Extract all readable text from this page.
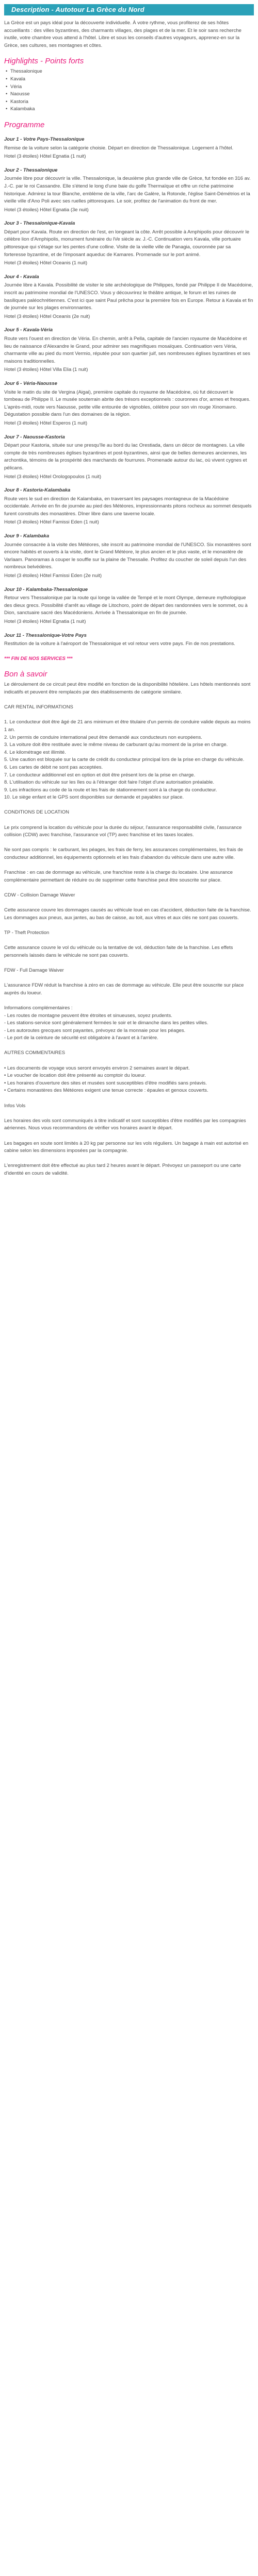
Description - Autotour La Grèce du Nord

La Grèce est un pays idéal pour la découverte individuelle. À votre rythme, vous profiterez de ses hôtes accueillants : des villes byzantines, des charmants villages, des plages et de la mer. Et le soir sans recherche inutile, votre chambre vous attend à l'hôtel. Libre et sous les conseils d'autres voyageurs, apprenez-en sur la Grèce, ses cultures, ses montagnes et côtes.

Highlights - Points forts
• Thessalonique
• Kavala
• Véria
• Naousse
• Kastoria
• Kalambaka
Programme
Jour 1 - Votre Pays-Thessalonique

Remise de la voiture selon la catégorie choisie. Départ en direction de Thessalonique. Logement à l'hôtel.

Hotel (3 étoiles) Hôtel Egnatia (1 nuit)

Jour 2 - Thessalonique

Journée libre pour découvrir la ville. Thessalonique, la deuxième plus grande ville de Grèce, fut fondée en 316 av. J.-C. par le roi Cassandre. Elle s'étend le long d'une baie du golfe Thermaïque et offre un riche patrimoine historique. Admirez la tour Blanche, emblème de la ville, l'arc de Galère, la Rotonde, l'église Saint-Démétrios et la vieille ville d'Ano Poli avec ses ruelles pittoresques. Le soir, profitez de l'animation du front de mer.

Hotel (3 étoiles) Hôtel Egnatia (3e nuit)

Jour 3 - Thessalonique-Kavala

Départ pour Kavala. Route en direction de l'est, en longeant la côte. Arrêt possible à Amphipolis pour découvrir le célèbre lion d'Amphipolis, monument funéraire du IVe siècle av. J.-C. Continuation vers Kavala, ville portuaire pittoresque qui s'étage sur les pentes d'une colline. Visite de la vieille ville de Panagia, couronnée par sa forteresse byzantine, et de l'imposant aqueduc de Kamares. Promenade sur le port animé.

Hotel (3 étoiles) Hôtel Oceanis (1 nuit)

Jour 4 - Kavala

Journée libre à Kavala. Possibilité de visiter le site archéologique de Philippes, fondé par Philippe II de Macédoine, inscrit au patrimoine mondial de l'UNESCO. Vous y découvrirez le théâtre antique, le forum et les ruines de basiliques paléochrétiennes. C'est ici que saint Paul prêcha pour la première fois en Europe. Retour à Kavala et fin de journée sur les plages environnantes.

Hotel (3 étoiles) Hôtel Oceanis (2e nuit)

Jour 5 - Kavala-Véria

Route vers l'ouest en direction de Véria. En chemin, arrêt à Pella, capitale de l'ancien royaume de Macédoine et lieu de naissance d'Alexandre le Grand, pour admirer ses magnifiques mosaïques. Continuation vers Véria, charmante ville au pied du mont Vermio, réputée pour son quartier juif, ses nombreuses églises byzantines et ses maisons traditionnelles.

Hotel (3 étoiles) Hôtel Villa Elia (1 nuit)

Jour 6 - Véria-Naousse

Visite le matin du site de Vergina (Aigai), première capitale du royaume de Macédoine, où fut découvert le tombeau de Philippe II. Le musée souterrain abrite des trésors exceptionnels : couronnes d'or, armes et fresques. L'après-midi, route vers Naousse, petite ville entourée de vignobles, célèbre pour son vin rouge Xinomavro. Dégustation possible dans l'un des domaines de la région.

Hotel (3 étoiles) Hôtel Esperos (1 nuit)

Jour 7 - Naousse-Kastoria

Départ pour Kastoria, située sur une presqu'île au bord du lac Orestiada, dans un décor de montagnes. La ville compte de très nombreuses églises byzantines et post-byzantines, ainsi que de belles demeures anciennes, les archontika, témoins de la prospérité des marchands de fourrures. Promenade autour du lac, où vivent cygnes et pélicans.

Hotel (3 étoiles) Hôtel Orologopoulos (1 nuit)

Jour 8 - Kastoria-Kalambaka

Route vers le sud en direction de Kalambaka, en traversant les paysages montagneux de la Macédoine occidentale. Arrivée en fin de journée au pied des Météores, impressionnants pitons rocheux au sommet desquels furent construits des monastères. Dîner libre dans une taverne locale.

Hotel (3 étoiles) Hôtel Famissi Eden (1 nuit)

Jour 9 - Kalambaka

Journée consacrée à la visite des Météores, site inscrit au patrimoine mondial de l'UNESCO. Six monastères sont encore habités et ouverts à la visite, dont le Grand Météore, le plus ancien et le plus vaste, et le monastère de Varlaam. Panoramas à couper le souffle sur la plaine de Thessalie. Profitez du coucher de soleil depuis l'un des nombreux belvédères.

Hotel (3 étoiles) Hôtel Famissi Eden (2e nuit)

Jour 10 - Kalambaka-Thessalonique

Retour vers Thessalonique par la route qui longe la vallée de Tempé et le mont Olympe, demeure mythologique des dieux grecs. Possibilité d'arrêt au village de Litochoro, point de départ des randonnées vers le sommet, ou à Dion, sanctuaire sacré des Macédoniens. Arrivée à Thessalonique en fin de journée.

Hotel (3 étoiles) Hôtel Egnatia (1 nuit)

Jour 11 - Thessalonique-Votre Pays

Restitution de la voiture à l'aéroport de Thessalonique et vol retour vers votre pays. Fin de nos prestations.

*** FIN DE NOS SERVICES ***

Bon à savoir

Le déroulement de ce circuit peut être modifié en fonction de la disponibilité hôtelière. Les hôtels mentionnés sont indicatifs et peuvent être remplacés par des établissements de catégorie similaire.

CAR RENTAL INFORMATIONS

1. Le conducteur doit être âgé de 21 ans minimum et être titulaire d'un permis de conduire valide depuis au moins 1 an.

2. Un permis de conduire international peut être demandé aux conducteurs non européens.

3. La voiture doit être restituée avec le même niveau de carburant qu'au moment de la prise en charge.

4. Le kilométrage est illimité.

5. Une caution est bloquée sur la carte de crédit du conducteur principal lors de la prise en charge du véhicule.

6. Les cartes de débit ne sont pas acceptées.

7. Le conducteur additionnel est en option et doit être présent lors de la prise en charge.

8. L'utilisation du véhicule sur les îles ou à l'étranger doit faire l'objet d'une autorisation préalable.

9. Les infractions au code de la route et les frais de stationnement sont à la charge du conducteur.

10. Le siège enfant et le GPS sont disponibles sur demande et payables sur place.

CONDITIONS DE LOCATION

Le prix comprend la location du véhicule pour la durée du séjour, l'assurance responsabilité civile, l'assurance collision (CDW) avec franchise, l'assurance vol (TP) avec franchise et les taxes locales.

Ne sont pas compris : le carburant, les péages, les frais de ferry, les assurances complémentaires, les frais de conducteur additionnel, les équipements optionnels et les frais d'abandon du véhicule dans une autre ville.

Franchise : en cas de dommage au véhicule, une franchise reste à la charge du locataire. Une assurance complémentaire permettant de réduire ou de supprimer cette franchise peut être souscrite sur place.

CDW - Collision Damage Waiver

Cette assurance couvre les dommages causés au véhicule loué en cas d'accident, déduction faite de la franchise. Les dommages aux pneus, aux jantes, au bas de caisse, au toit, aux vitres et aux clés ne sont pas couverts.

TP - Theft Protection

Cette assurance couvre le vol du véhicule ou la tentative de vol, déduction faite de la franchise. Les effets personnels laissés dans le véhicule ne sont pas couverts.

FDW - Full Damage Waiver

L'assurance FDW réduit la franchise à zéro en cas de dommage au véhicule. Elle peut être souscrite sur place auprès du loueur.

Informations complémentaires :

- Les routes de montagne peuvent être étroites et sinueuses, soyez prudents.

- Les stations-service sont généralement fermées le soir et le dimanche dans les petites villes.

- Les autoroutes grecques sont payantes, prévoyez de la monnaie pour les péages.

- Le port de la ceinture de sécurité est obligatoire à l'avant et à l'arrière.

AUTRES COMMENTAIRES

• Les documents de voyage vous seront envoyés environ 2 semaines avant le départ.

• Le voucher de location doit être présenté au comptoir du loueur.

• Les horaires d'ouverture des sites et musées sont susceptibles d'être modifiés sans préavis.

• Certains monastères des Météores exigent une tenue correcte : épaules et genoux couverts.

Infos Vols

Les horaires des vols sont communiqués à titre indicatif et sont susceptibles d'être modifiés par les compagnies aériennes. Nous vous recommandons de vérifier vos horaires avant le départ.

Les bagages en soute sont limités à 20 kg par personne sur les vols réguliers. Un bagage à main est autorisé en cabine selon les dimensions imposées par la compagnie.

L'enregistrement doit être effectué au plus tard 2 heures avant le départ. Prévoyez un passeport ou une carte d'identité en cours de validité.
